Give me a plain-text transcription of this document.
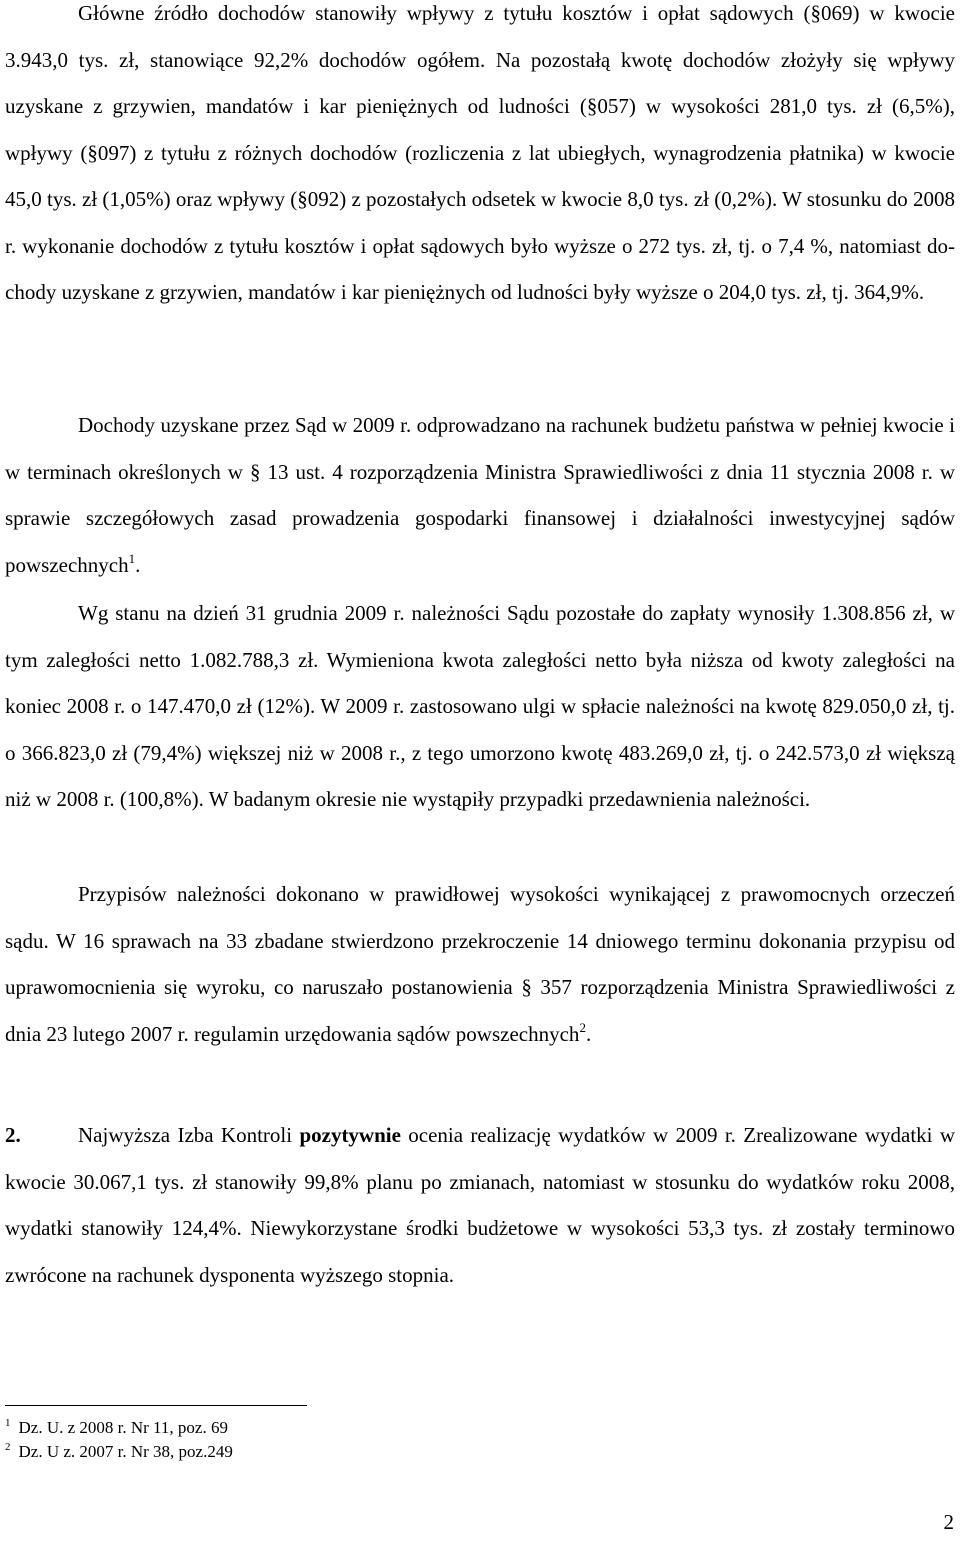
Główne źródło dochodów stanowiły wpływy z tytułu kosztów i opłat sądowych (§069) w kwocie 3.943,0 tys. zł, stanowiące 92,2% dochodów ogółem. Na pozostałą kwotę dochodów złożyły się wpływy uzyskane z grzywien, mandatów i kar pieniężnych od ludności (§057) w wysokości 281,0 tys. zł (6,5%), wpływy (§097) z tytułu z różnych dochodów (rozliczenia z lat ubiegłych, wynagrodzenia płatnika) w kwocie 45,0 tys. zł (1,05%) oraz wpływy (§092) z pozostałych odsetek w kwocie 8,0 tys. zł (0,2%). W stosunku do 2008 r. wykonanie dochodów z tytułu kosztów i opłat sądowych było wyższe o 272 tys. zł, tj. o 7,4 %, natomiast dochody uzyskane z grzywien, mandatów i kar pieniężnych od ludności były wyższe o 204,0 tys. zł, tj. 364,9%.

Dochody uzyskane przez Sąd w 2009 r. odprowadzano na rachunek budżetu państwa w pełniej kwocie i w terminach określonych w § 13 ust. 4 rozporządzenia Ministra Sprawiedliwości z dnia 11 stycznia 2008 r. w sprawie szczegółowych zasad prowadzenia gospodarki finansowej i działalności inwestycyjnej sądów powszechnych$^1$.

Wg stanu na dzień 31 grudnia 2009 r. należności Sądu pozostałe do zapłaty wynosiły 1.308.856 zł, w tym zaległości netto 1.082.788,3 zł. Wymieniona kwota zaległości netto była niższa od kwoty zaległości na koniec 2008 r. o 147.470,0 zł (12%). W 2009 r. zastosowano ulgi w spłacie należności na kwotę 829.050,0 zł, tj. o 366.823,0 zł (79,4%) większej niż w 2008 r., z tego umorzono kwotę 483.269,0 zł, tj. o 242.573,0 zł większą niż w 2008 r. (100,8%). W badanym okresie nie wystąpiły przypadki przedawnienia należności.

Przypisów należności dokonano w prawidłowej wysokości wynikającej z prawomocnych orzeczeń sądu. W 16 sprawach na 33 zbadane stwierdzono przekroczenie 14 dniowego terminu dokonania przypisu od uprawomocnienia się wyroku, co naruszało postanowienia § 357 rozporządzenia Ministra Sprawiedliwości z dnia 23 lutego 2007 r. regulamin urzędowania sądów powszechnych$^2$.

2.	Najwyższa Izba Kontroli pozytywnie ocenia realizację wydatków w 2009 r. Zrealizowane wydatki w kwocie 30.067,1 tys. zł stanowiły 99,8% planu po zmianach, natomiast w stosunku do wydatków roku 2008, wydatki stanowiły 124,4%. Niewykorzystane środki budżetowe w wysokości 53,3 tys. zł zostały terminowo zwrócone na rachunek dysponenta wyższego stopnia.

$^1$ Dz. U. z 2008 r. Nr 11, poz. 69
$^2$ Dz. U z. 2007 r. Nr 38, poz.249
2
